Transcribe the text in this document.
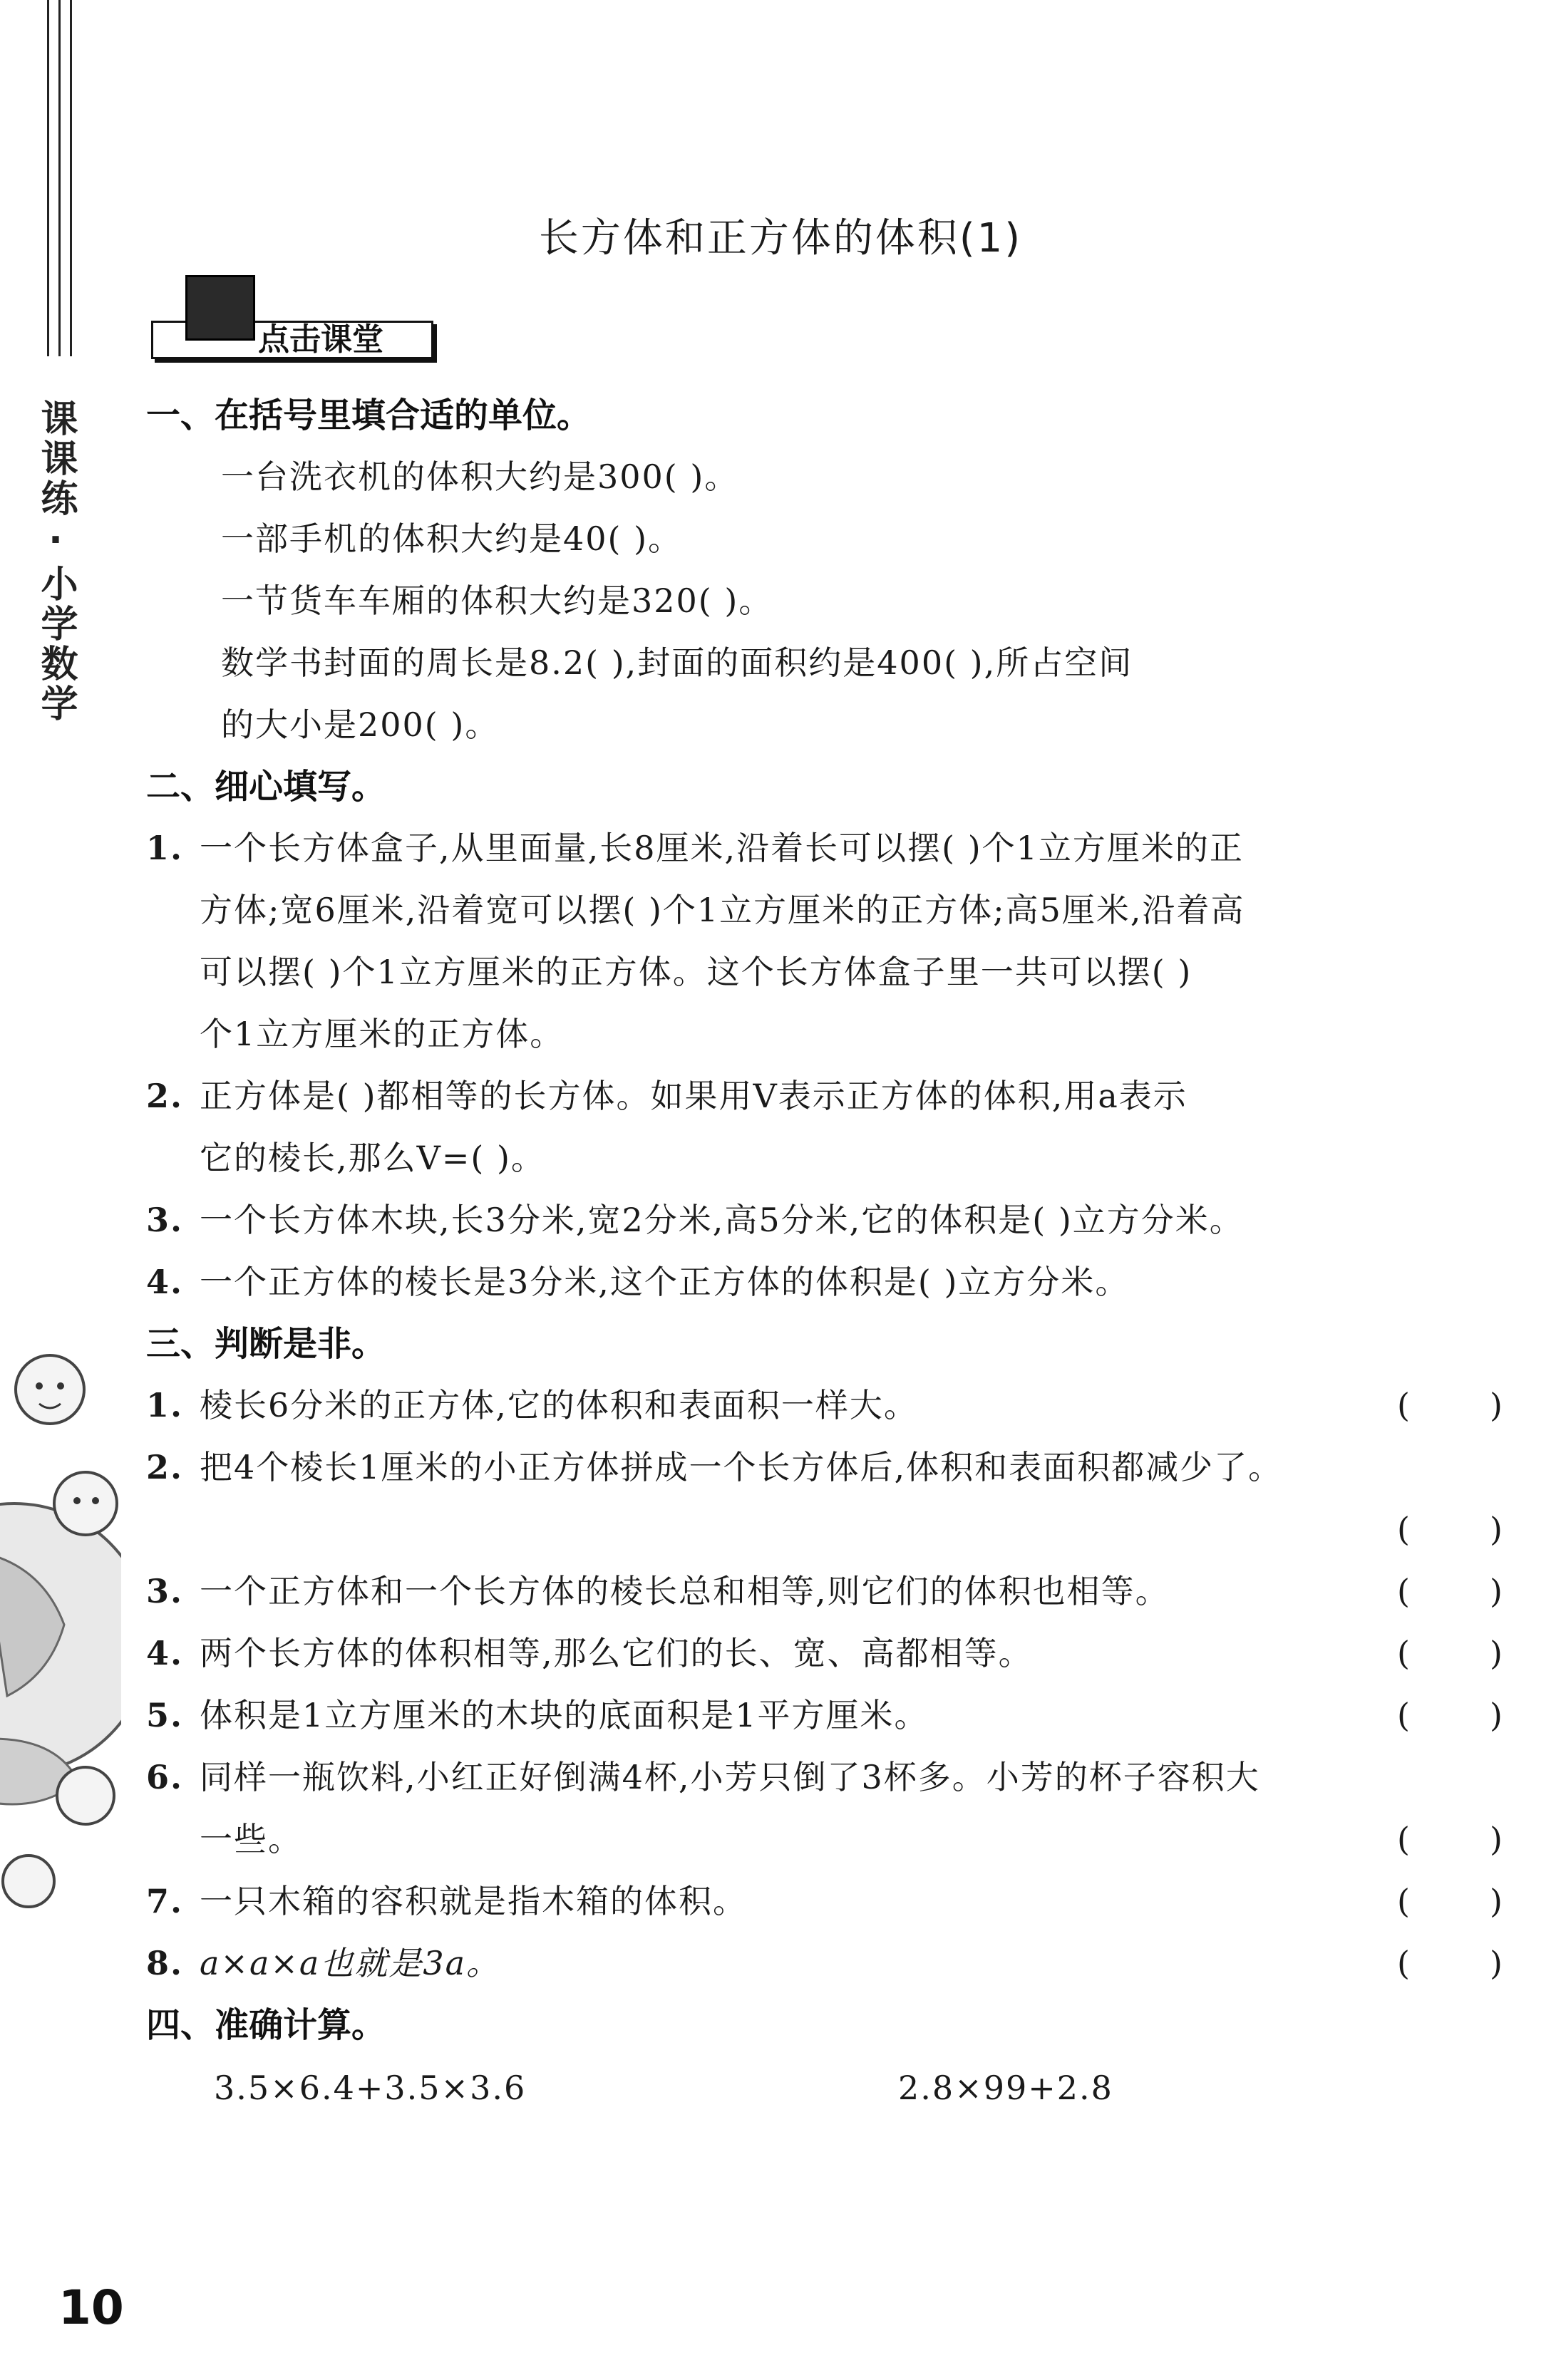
课课练·小学数学
10
长方体和正方体的体积(1)
点击课堂

一、在括号里填合适的单位。

一台洗衣机的体积大约是300( )。

一部手机的体积大约是40( )。

一节货车车厢的体积大约是320( )。

数学书封面的周长是8.2( ),封面的面积约是400( ),所占空间

的大小是200( )。

二、细心填写。

1. 一个长方体盒子,从里面量,长8厘米,沿着长可以摆( )个1立方厘米的正
方体;宽6厘米,沿着宽可以摆( )个1立方厘米的正方体;高5厘米,沿着高
可以摆( )个1立方厘米的正方体。这个长方体盒子里一共可以摆( )
个1立方厘米的正方体。
2. 正方体是( )都相等的长方体。如果用V表示正方体的体积,用a表示
它的棱长,那么V=( )。
3. 一个长方体木块,长3分米,宽2分米,高5分米,它的体积是( )立方分米。
4. 一个正方体的棱长是3分米,这个正方体的体积是( )立方分米。

三、判断是非。

1. 棱长6分米的正方体,它的体积和表面积一样大。	( )
2. 把4个棱长1厘米的小正方体拼成一个长方体后,体积和表面积都减少了。
( )
3. 一个正方体和一个长方体的棱长总和相等,则它们的体积也相等。	( )
4. 两个长方体的体积相等,那么它们的长、宽、高都相等。	( )
5. 体积是1立方厘米的木块的底面积是1平方厘米。	( )
6. 同样一瓶饮料,小红正好倒满4杯,小芳只倒了3杯多。小芳的杯子容积大
一些。	( )
7. 一只木箱的容积就是指木箱的体积。	( )
8. a×a×a也就是3a。	( )

四、准确计算。

3.5×6.4+3.5×3.6	2.8×99+2.8
